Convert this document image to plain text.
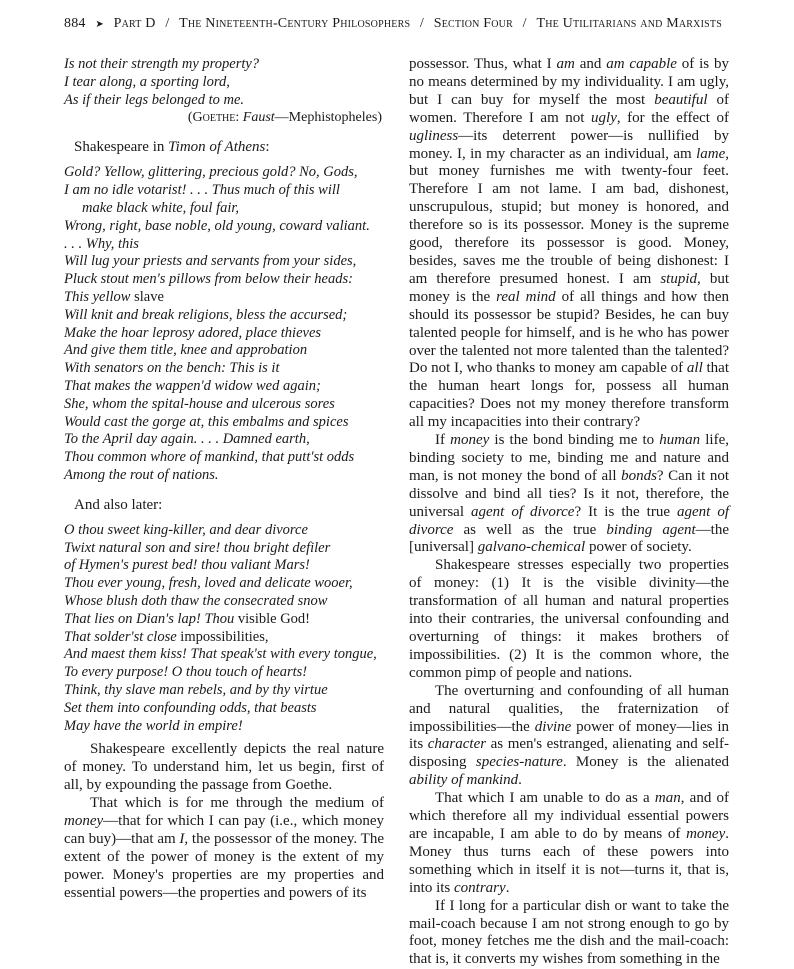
884 ➤ Part D / The Nineteenth-Century Philosophers / Section Four / The Utilitarians and Marxists
Is not their strength my property?
I tear along, a sporting lord,
As if their legs belonged to me.
(Goethe: Faust—Mephistopheles)
Shakespeare in Timon of Athens:
Gold? Yellow, glittering, precious gold? No, Gods,
I am no idle votarist! . . . Thus much of this will
make black white, foul fair,
Wrong, right, base noble, old young, coward valiant.
. . . Why, this
Will lug your priests and servants from your sides,
Pluck stout men's pillows from below their heads:
This yellow slave
Will knit and break religions, bless the accursed;
Make the hoar leprosy adored, place thieves
And give them title, knee and approbation
With senators on the bench: This is it
That makes the wappen'd widow wed again;
She, whom the spital-house and ulcerous sores
Would cast the gorge at, this embalms and spices
To the April day again. . . . Damned earth,
Thou common whore of mankind, that putt'st odds
Among the rout of nations.
And also later:
O thou sweet king-killer, and dear divorce
Twixt natural son and sire! thou bright defiler
of Hymen's purest bed! thou valiant Mars!
Thou ever young, fresh, loved and delicate wooer,
Whose blush doth thaw the consecrated snow
That lies on Dian's lap! Thou visible God!
That solder'st close impossibilities,
And maest them kiss! That speak'st with every tongue,
To every purpose! O thou touch of hearts!
Think, thy slave man rebels, and by thy virtue
Set them into confounding odds, that beasts
May have the world in empire!

Shakespeare excellently depicts the real nature of money. To understand him, let us begin, first of all, by expounding the passage from Goethe.

That which is for me through the medium of money—that for which I can pay (i.e., which money can buy)—that am I, the possessor of the money. The extent of the power of money is the extent of my power. Money's properties are my properties and essential powers—the properties and powers of its

possessor. Thus, what I am and am capable of is by no means determined by my individuality. I am ugly, but I can buy for myself the most beautiful of women. Therefore I am not ugly, for the effect of ugliness—its deterrent power—is nullified by money. I, in my character as an individual, am lame, but money furnishes me with twenty-four feet. Therefore I am not lame. I am bad, dishonest, unscrupulous, stupid; but money is honored, and therefore so is its possessor. Money is the supreme good, therefore its possessor is good. Money, besides, saves me the trouble of being dishonest: I am therefore presumed honest. I am stupid, but money is the real mind of all things and how then should its possessor be stupid? Besides, he can buy talented people for himself, and is he who has power over the talented not more talented than the talented? Do not I, who thanks to money am capable of all that the human heart longs for, possess all human capacities? Does not my money therefore transform all my incapacities into their contrary?

If money is the bond binding me to human life, binding society to me, binding me and nature and man, is not money the bond of all bonds? Can it not dissolve and bind all ties? Is it not, therefore, the universal agent of divorce? It is the true agent of divorce as well as the true binding agent—the [universal] galvano-chemical power of society.

Shakespeare stresses especially two properties of money: (1) It is the visible divinity—the transformation of all human and natural properties into their contraries, the universal confounding and overturning of things: it makes brothers of impossibilities. (2) It is the common whore, the common pimp of people and nations.

The overturning and confounding of all human and natural qualities, the fraternization of impossibilities—the divine power of money—lies in its character as men's estranged, alienating and self-disposing species-nature. Money is the alienated ability of mankind.

That which I am unable to do as a man, and of which therefore all my individual essential powers are incapable, I am able to do by means of money. Money thus turns each of these powers into something which in itself it is not—turns it, that is, into its contrary.

If I long for a particular dish or want to take the mail-coach because I am not strong enough to go by foot, money fetches me the dish and the mail-coach: that is, it converts my wishes from something in the
